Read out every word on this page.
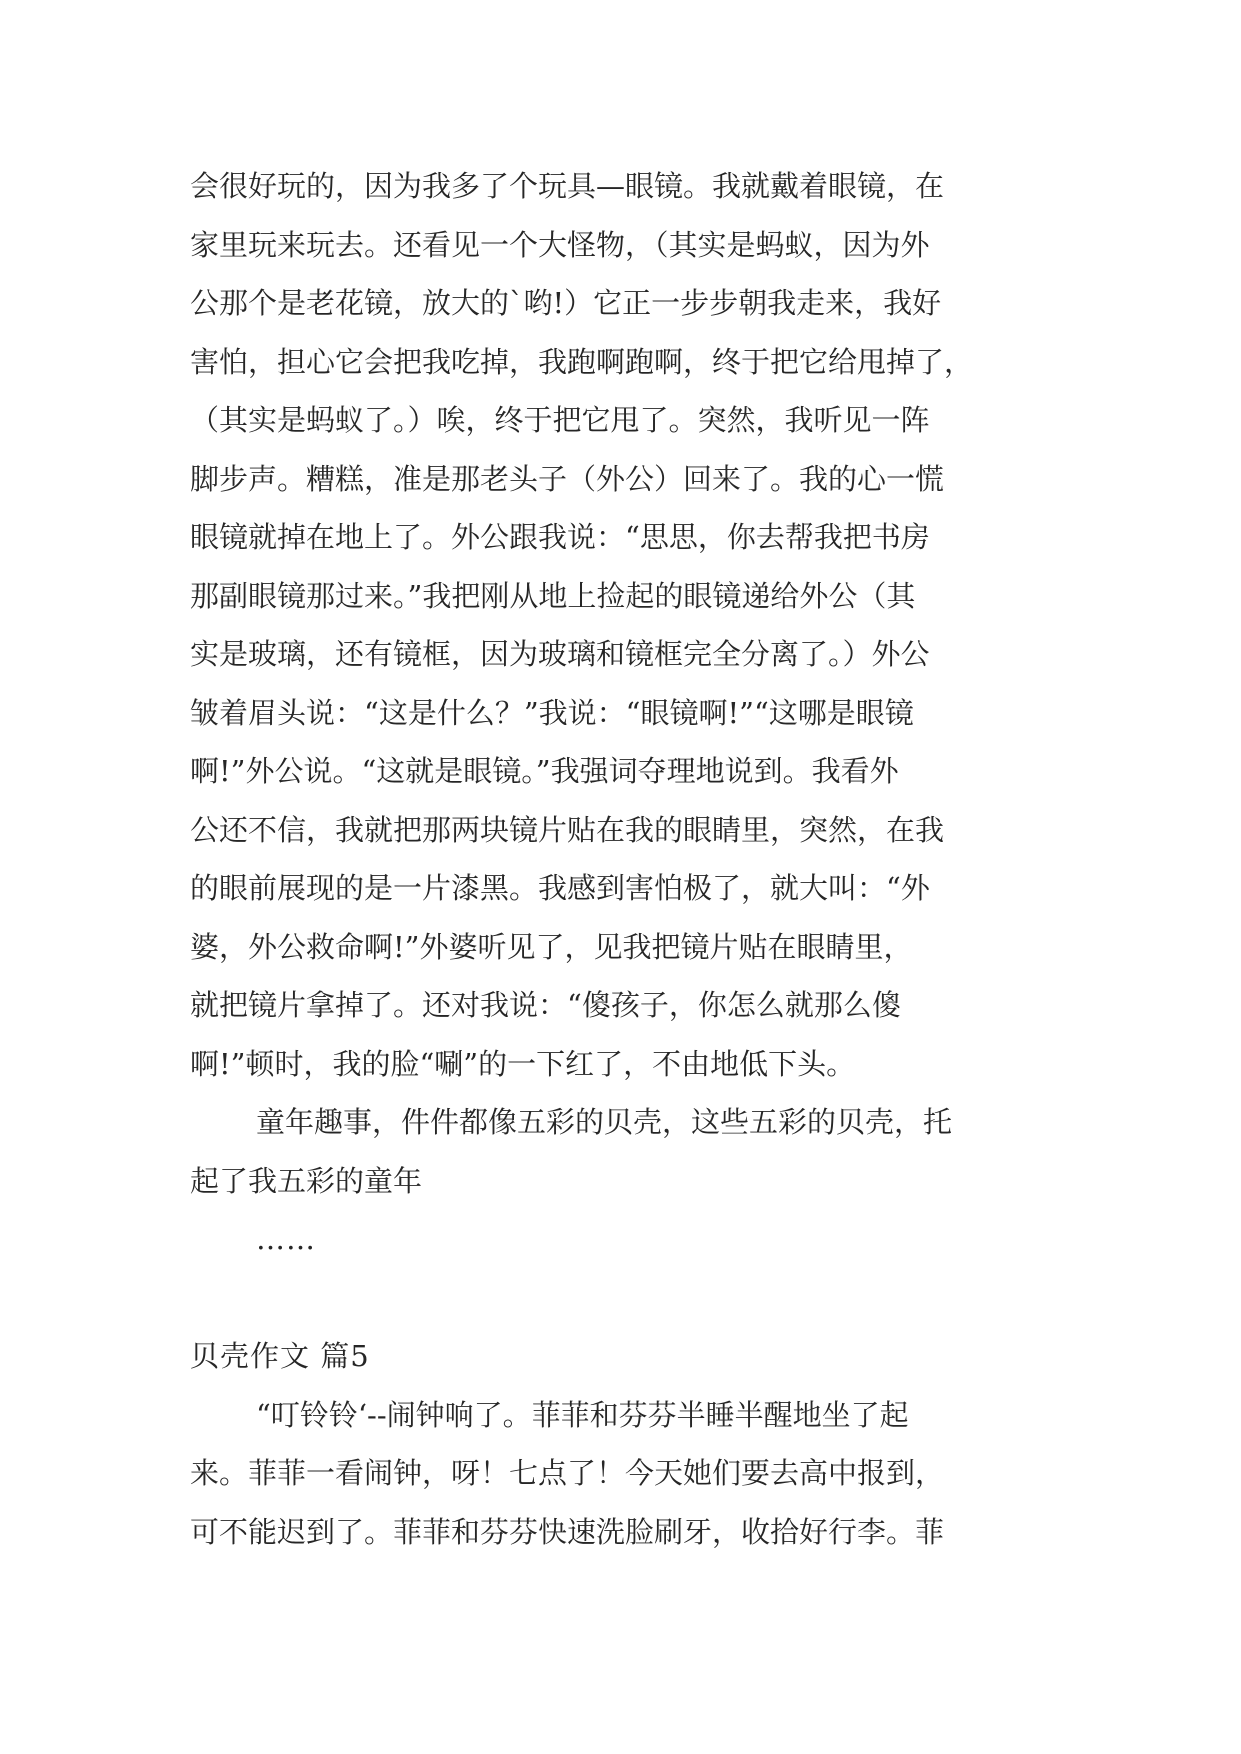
会很好玩的，因为我多了个玩具—眼镜。我就戴着眼镜，在
家里玩来玩去。还看见一个大怪物，（其实是蚂蚁，因为外
公那个是老花镜，放大的`哟!）它正一步步朝我走来，我好
害怕，担心它会把我吃掉，我跑啊跑啊，终于把它给甩掉了，
（其实是蚂蚁了。）唉，终于把它甩了。突然，我听见一阵
脚步声。糟糕，准是那老头子（外公）回来了。我的心一慌
眼镜就掉在地上了。外公跟我说：“思思，你去帮我把书房
那副眼镜那过来。”我把刚从地上捡起的眼镜递给外公（其
实是玻璃，还有镜框，因为玻璃和镜框完全分离了。）外公
皱着眉头说：“这是什么？”我说：“眼镜啊!”“这哪是眼镜
啊!”外公说。“这就是眼镜。”我强词夺理地说到。我看外
公还不信，我就把那两块镜片贴在我的眼睛里，突然，在我
的眼前展现的是一片漆黑。我感到害怕极了，就大叫：“外
婆，外公救命啊!”外婆听见了，见我把镜片贴在眼睛里，
就把镜片拿掉了。还对我说：“傻孩子，你怎么就那么傻
啊!”顿时，我的脸“唰”的一下红了，不由地低下头。
童年趣事，件件都像五彩的贝壳，这些五彩的贝壳，托
起了我五彩的童年
……
贝壳作文 篇5
“叮铃铃‘--闹钟响了。菲菲和芬芬半睡半醒地坐了起
来。菲菲一看闹钟，呀！七点了！今天她们要去高中报到，
可不能迟到了。菲菲和芬芬快速洗脸刷牙，收拾好行李。菲
